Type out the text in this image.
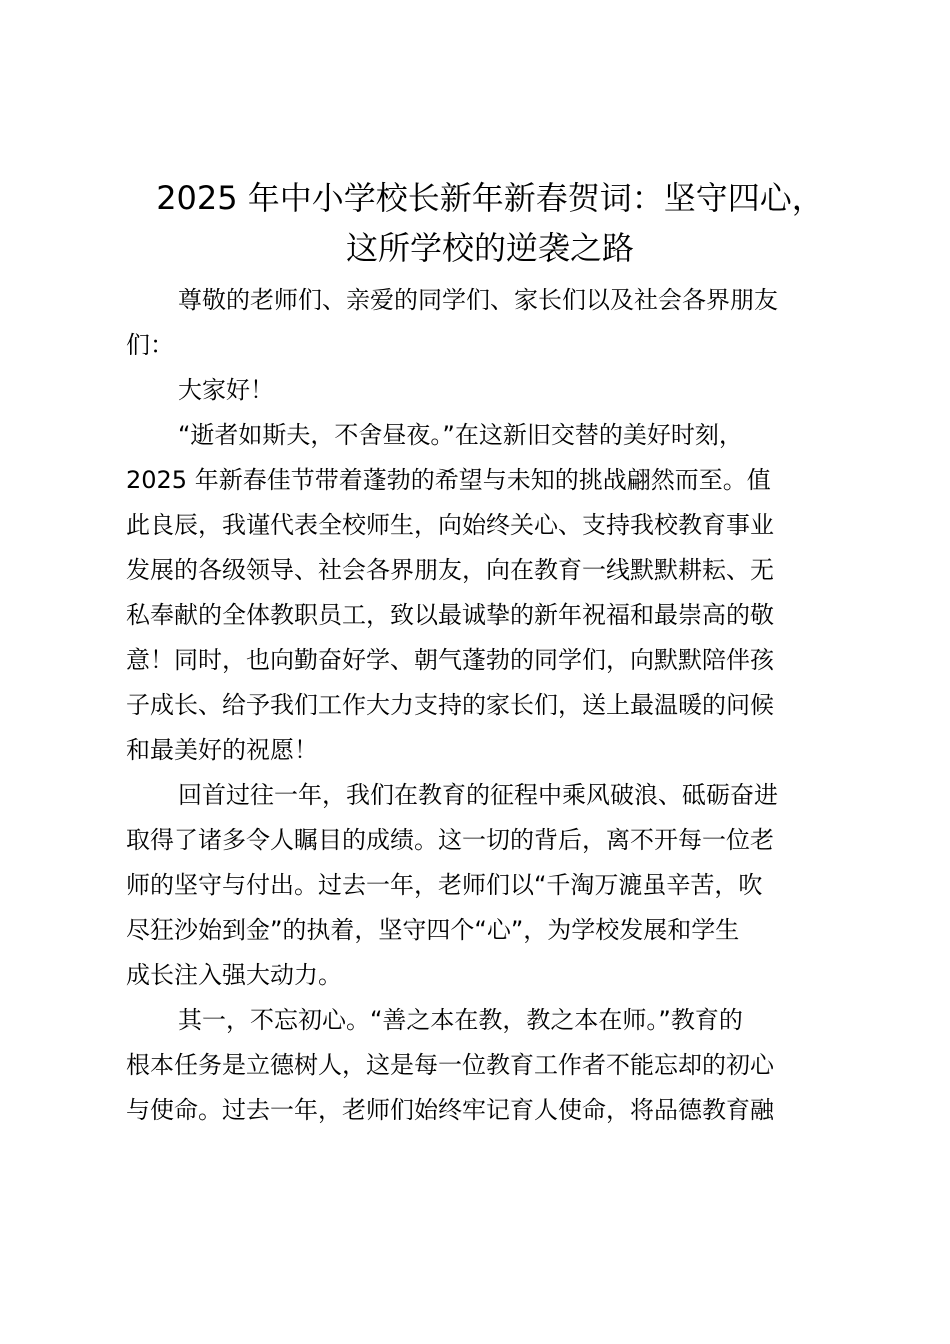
2025 年中小学校长新年新春贺词：坚守四心，
这所学校的逆袭之路
尊敬的老师们、亲爱的同学们、家长们以及社会各界朋友
们：
大家好！
“逝者如斯夫，不舍昼夜。”在这新旧交替的美好时刻，
2025 年新春佳节带着蓬勃的希望与未知的挑战翩然而至。值
此良辰，我谨代表全校师生，向始终关心、支持我校教育事业
发展的各级领导、社会各界朋友，向在教育一线默默耕耘、无
私奉献的全体教职员工，致以最诚挚的新年祝福和最崇高的敬
意！同时，也向勤奋好学、朝气蓬勃的同学们，向默默陪伴孩
子成长、给予我们工作大力支持的家长们，送上最温暖的问候
和最美好的祝愿！
回首过往一年，我们在教育的征程中乘风破浪、砥砺奋进
取得了诸多令人瞩目的成绩。这一切的背后，离不开每一位老
师的坚守与付出。过去一年，老师们以“千淘万漉虽辛苦，吹
尽狂沙始到金”的执着，坚守四个“心”，为学校发展和学生
成长注入强大动力。
其一，不忘初心。“善之本在教，教之本在师。”教育的
根本任务是立德树人，这是每一位教育工作者不能忘却的初心
与使命。过去一年，老师们始终牢记育人使命，将品德教育融
